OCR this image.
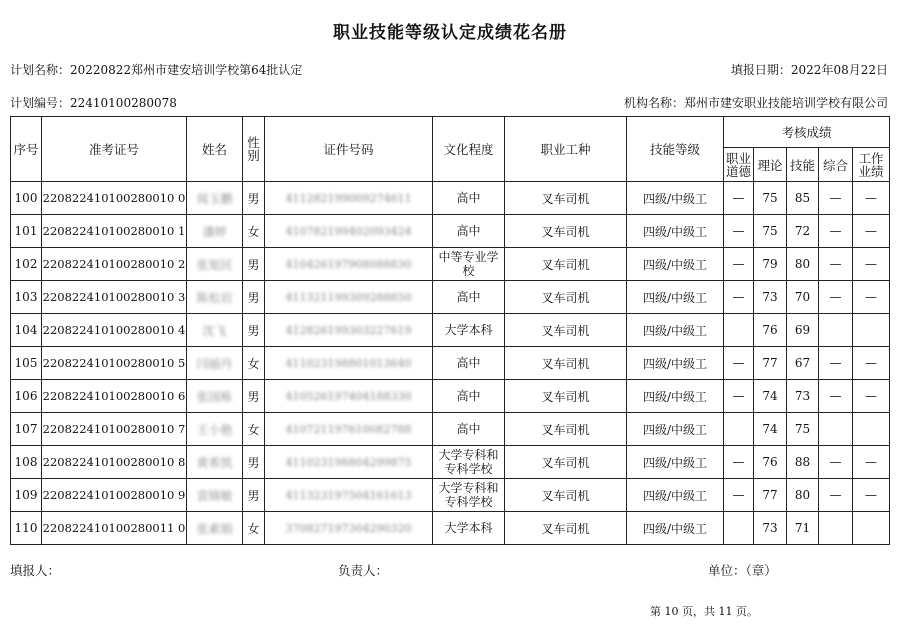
职业技能等级认定成绩花名册
计划名称：20220822郑州市建安培训学校第64批认定	填报日期：2022年08月22日
计划编号：22410100280078	机构名称：郑州市建安职业技能培训学校有限公司
序号	准考证号	姓名	性别	证件号码	文化程度	职业工种	技能等级	考核成绩				
								职业道德	理论	技能	综合	工作业绩
100	220822410100280010 0	周玉鹏	男	411282199009274611	高中	叉车司机	四级/中级工	—	75	85	—	—
101	220822410100280010 1	潘婷	女	410782199402093424	高中	叉车司机	四级/中级工	—	75	72	—	—
102	220822410100280010 2	张旭民	男	410426197908088830	中等专业学校	叉车司机	四级/中级工	—	79	80	—	—
103	220822410100280010 3	陈松岩	男	411321199309288850	高中	叉车司机	四级/中级工	—	73	70	—	—
104	220822410100280010 4	沈飞	男	412826199303227619	大学本科	叉车司机	四级/中级工		76	69		
105	220822410100280010 5	闫丽丹	女	411023198801013640	高中	叉车司机	四级/中级工	—	77	67	—	—
106	220822410100280010 6	张国栋	男	410526197404188330	高中	叉车司机	四级/中级工	—	74	73	—	—
107	220822410100280010 7	王小艳	女	410721197610082788	高中	叉车司机	四级/中级工		74	75		
108	220822410100280010 8	黄希凯	男	411023198804299875	大学专科和专科学校	叉车司机	四级/中级工	—	76	88	—	—
109	220822410100280010 9	袁锦敏	男	411323197504161613	大学专科和专科学校	叉车司机	四级/中级工	—	77	80	—	—
110	220822410100280011 0	张素娟	女	370827197304290320	大学本科	叉车司机	四级/中级工		73	71		
填报人：	负责人：	单位：（章）
第 10 页，共 11 页。
